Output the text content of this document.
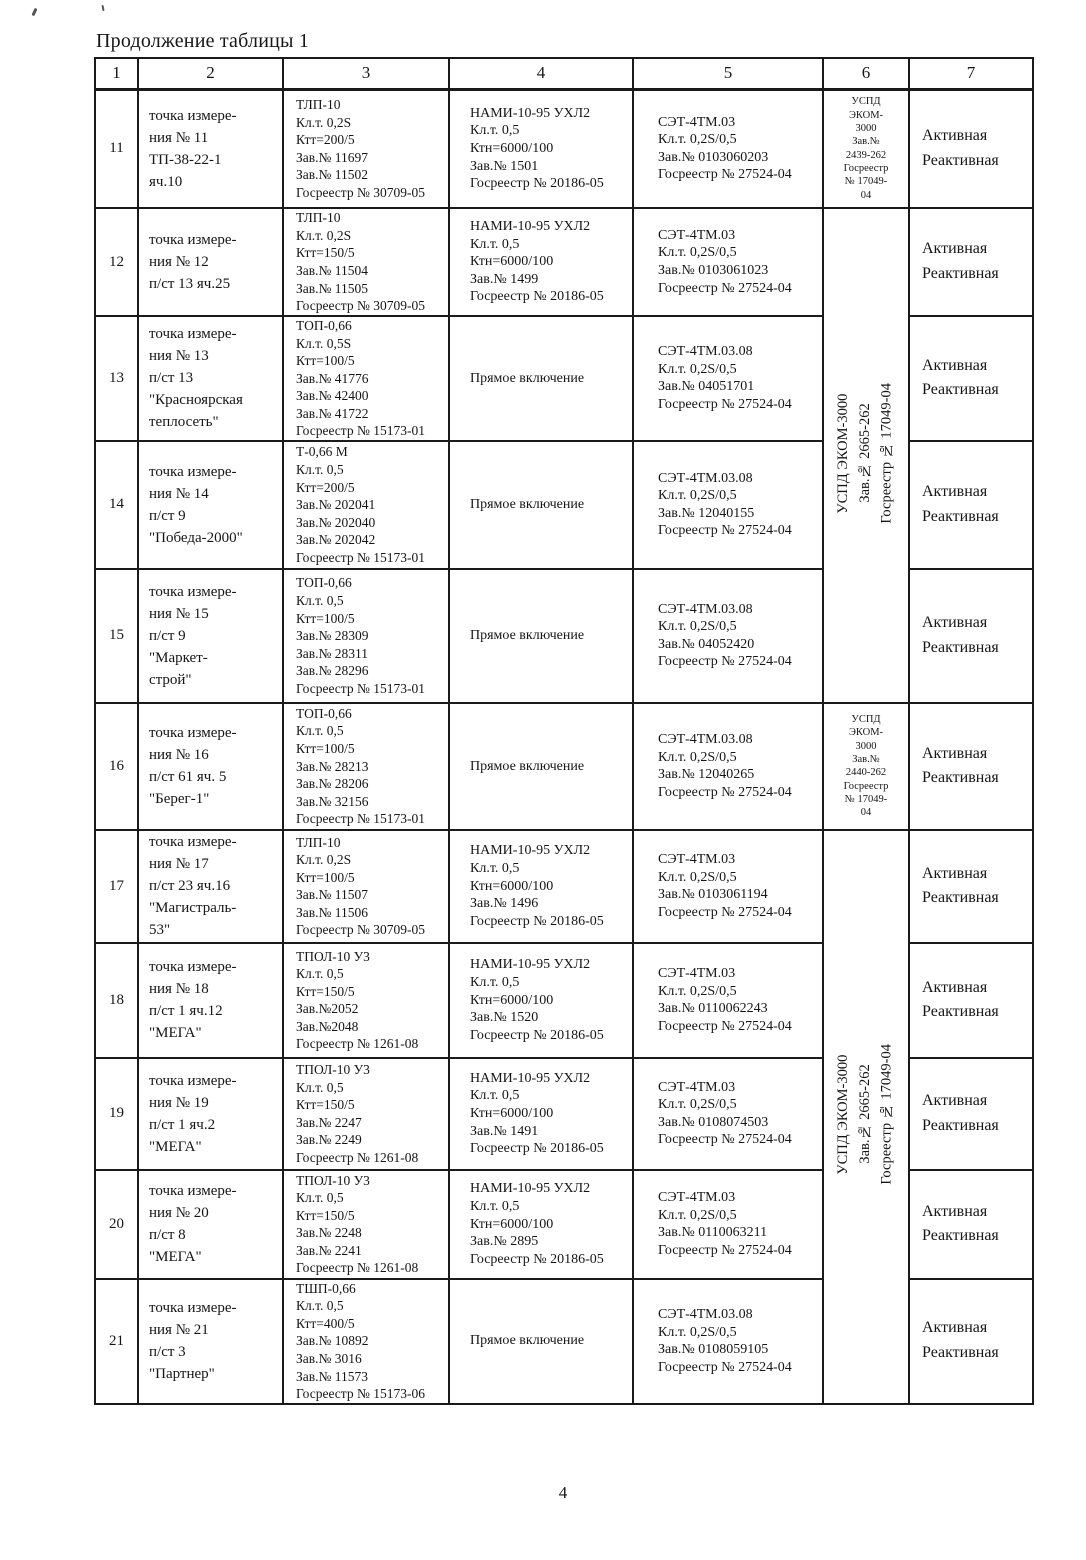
Продолжение таблицы 1
1	2	3	4	5	6	7
11	точка измере-
ния № 11
ТП-38-22-1
яч.10	ТЛП-10
Кл.т. 0,2S
Ктт=200/5
Зав.№ 11697
Зав.№ 11502
Госреестр № 30709-05	НАМИ-10-95 УХЛ2
Кл.т. 0,5
Ктн=6000/100
Зав.№ 1501
Госреестр № 20186-05	СЭТ-4ТМ.03
Кл.т. 0,2S/0,5
Зав.№ 0103060203
Госреестр № 27524-04	УСПД
ЭКОМ-
3000
Зав.№
2439-262
Госреестр
№ 17049-
04	Активная
Реактивная
12	точка измере-
ния № 12
п/ст 13 яч.25	ТЛП-10
Кл.т. 0,2S
Ктт=150/5
Зав.№ 11504
Зав.№ 11505
Госреестр № 30709-05	НАМИ-10-95 УХЛ2
Кл.т. 0,5
Ктн=6000/100
Зав.№ 1499
Госреестр № 20186-05	СЭТ-4ТМ.03
Кл.т. 0,2S/0,5
Зав.№ 0103061023
Госреестр № 27524-04	УСПД ЭКОМ-3000 Зав.№ 2665-262 Госреестр № 17049-04	Активная
Реактивная
13	точка измере-
ния № 13
п/ст 13
"Красноярская
теплосеть"	ТОП-0,66
Кл.т. 0,5S
Ктт=100/5
Зав.№ 41776
Зав.№ 42400
Зав.№ 41722
Госреестр № 15173-01	Прямое включение	СЭТ-4ТМ.03.08
Кл.т. 0,2S/0,5
Зав.№ 04051701
Госреестр № 27524-04	Активная
Реактивная
14	точка измере-
ния № 14
п/ст 9
"Победа-2000"	Т-0,66 М
Кл.т. 0,5
Ктт=200/5
Зав.№ 202041
Зав.№ 202040
Зав.№ 202042
Госреестр № 15173-01	Прямое включение	СЭТ-4ТМ.03.08
Кл.т. 0,2S/0,5
Зав.№ 12040155
Госреестр № 27524-04	Активная
Реактивная
15	точка измере-
ния № 15
п/ст 9
"Маркет-
строй"	ТОП-0,66
Кл.т. 0,5
Ктт=100/5
Зав.№ 28309
Зав.№ 28311
Зав.№ 28296
Госреестр № 15173-01	Прямое включение	СЭТ-4ТМ.03.08
Кл.т. 0,2S/0,5
Зав.№ 04052420
Госреестр № 27524-04	Активная
Реактивная
16	точка измере-
ния № 16
п/ст 61 яч. 5
"Берег-1"	ТОП-0,66
Кл.т. 0,5
Ктт=100/5
Зав.№ 28213
Зав.№ 28206
Зав.№ 32156
Госреестр № 15173-01	Прямое включение	СЭТ-4ТМ.03.08
Кл.т. 0,2S/0,5
Зав.№ 12040265
Госреестр № 27524-04	УСПД
ЭКОМ-
3000
Зав.№
2440-262
Госреестр
№ 17049-
04	Активная
Реактивная
17	точка измере-
ния № 17
п/ст 23 яч.16
"Магистраль-
53"	ТЛП-10
Кл.т. 0,2S
Ктт=100/5
Зав.№ 11507
Зав.№ 11506
Госреестр № 30709-05	НАМИ-10-95 УХЛ2
Кл.т. 0,5
Ктн=6000/100
Зав.№ 1496
Госреестр № 20186-05	СЭТ-4ТМ.03
Кл.т. 0,2S/0,5
Зав.№ 0103061194
Госреестр № 27524-04	УСПД ЭКОМ-3000 Зав.№ 2665-262 Госреестр № 17049-04	Активная
Реактивная
18	точка измере-
ния № 18
п/ст 1 яч.12
"МЕГА"	ТПОЛ-10 У3
Кл.т. 0,5
Ктт=150/5
Зав.№2052
Зав.№2048
Госреестр № 1261-08	НАМИ-10-95 УХЛ2
Кл.т. 0,5
Ктн=6000/100
Зав.№ 1520
Госреестр № 20186-05	СЭТ-4ТМ.03
Кл.т. 0,2S/0,5
Зав.№ 0110062243
Госреестр № 27524-04	Активная
Реактивная
19	точка измере-
ния № 19
п/ст 1 яч.2
"МЕГА"	ТПОЛ-10 У3
Кл.т. 0,5
Ктт=150/5
Зав.№ 2247
Зав.№ 2249
Госреестр № 1261-08	НАМИ-10-95 УХЛ2
Кл.т. 0,5
Ктн=6000/100
Зав.№ 1491
Госреестр № 20186-05	СЭТ-4ТМ.03
Кл.т. 0,2S/0,5
Зав.№ 0108074503
Госреестр № 27524-04	Активная
Реактивная
20	точка измере-
ния № 20
п/ст 8
"МЕГА"	ТПОЛ-10 У3
Кл.т. 0,5
Ктт=150/5
Зав.№ 2248
Зав.№ 2241
Госреестр № 1261-08	НАМИ-10-95 УХЛ2
Кл.т. 0,5
Ктн=6000/100
Зав.№ 2895
Госреестр № 20186-05	СЭТ-4ТМ.03
Кл.т. 0,2S/0,5
Зав.№ 0110063211
Госреестр № 27524-04	Активная
Реактивная
21	точка измере-
ния № 21
п/ст 3
"Партнер"	ТШП-0,66
Кл.т. 0,5
Ктт=400/5
Зав.№ 10892
Зав.№ 3016
Зав.№ 11573
Госреестр № 15173-06	Прямое включение	СЭТ-4ТМ.03.08
Кл.т. 0,2S/0,5
Зав.№ 0108059105
Госреестр № 27524-04	Активная
Реактивная
4
